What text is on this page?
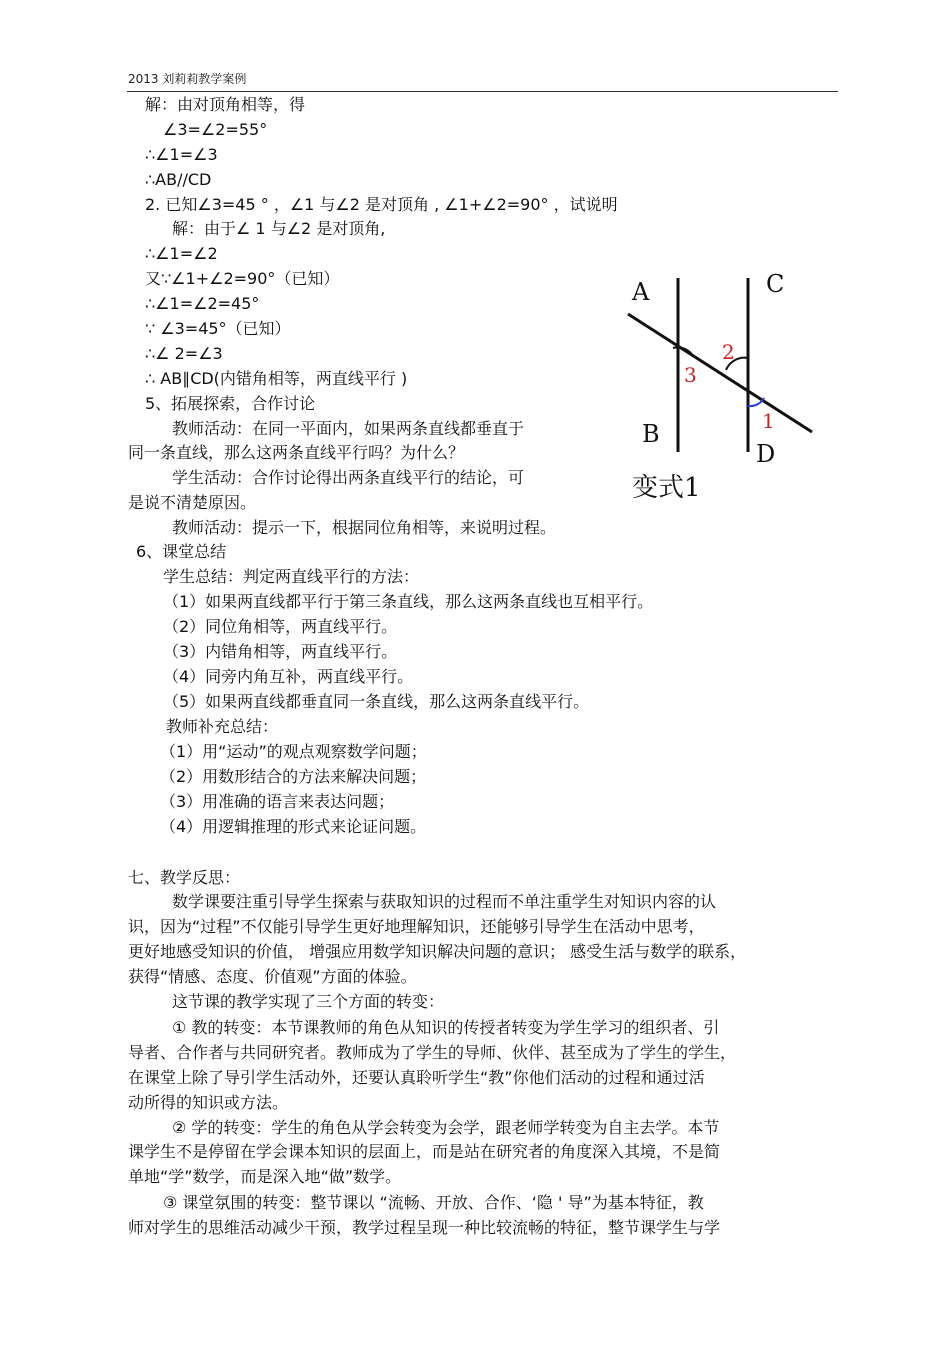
2013 刘莉莉教学案例
解：由对顶角相等，得
∠3=∠2=55°
∴∠1=∠3
∴AB//CD
2. 已知∠3=45 ° ，∠1 与∠2 是对顶角 , ∠1+∠2=90° ，试说明
解：由于∠ 1 与∠2 是对顶角,
∴∠1=∠2
又∵∠1+∠2=90°（已知）
∴∠1=∠2=45°
∵ ∠3=45°（已知）
∴∠ 2=∠3
∴ AB∥CD(内错角相等，两直线平行 )
5、拓展探索，合作讨论
教师活动：在同一平面内，如果两条直线都垂直于
同一条直线，那么这两条直线平行吗？为什么？
学生活动：合作讨论得出两条直线平行的结论，可
是说不清楚原因。
教师活动：提示一下，根据同位角相等，来说明过程。
6、课堂总结
学生总结：判定两直线平行的方法：
（1）如果两直线都平行于第三条直线，那么这两条直线也互相平行。
（2）同位角相等，两直线平行。
（3）内错角相等，两直线平行。
（4）同旁内角互补，两直线平行。
（5）如果两直线都垂直同一条直线，那么这两条直线平行。
教师补充总结：
（1）用“运动”的观点观察数学问题；
（2）用数形结合的方法来解决问题；
（3）用准确的语言来表达问题；
（4）用逻辑推理的形式来论证问题。
七、教学反思：
数学课要注重引导学生探索与获取知识的过程而不单注重学生对知识内容的认
识，因为“过程”不仅能引导学生更好地理解知识，还能够引导学生在活动中思考，
更好地感受知识的价值， 增强应用数学知识解决问题的意识； 感受生活与数学的联系，
获得“情感、态度、价值观”方面的体验。
这节课的教学实现了三个方面的转变：
① 教的转变：本节课教师的角色从知识的传授者转变为学生学习的组织者、引
导者、合作者与共同研究者。教师成为了学生的导师、伙伴、甚至成为了学生的学生，
在课堂上除了导引学生活动外，还要认真聆听学生“教”你他们活动的过程和通过活
动所得的知识或方法。
② 学的转变：学生的角色从学会转变为会学，跟老师学转变为自主去学。本节
课学生不是停留在学会课本知识的层面上，而是站在研究者的角度深入其境，不是简
单地“学”数学，而是深入地“做”数学。
③ 课堂氛围的转变：整节课以 “流畅、开放、合作、‘隐 ' 导”为基本特征，教
师对学生的思维活动减少干预，教学过程呈现一种比较流畅的特征，整节课学生与学
A	C
B
D
2
3
1
变式1
